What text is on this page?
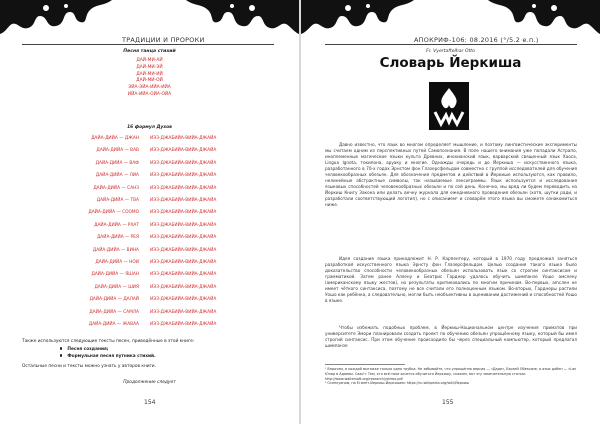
ТРАДИЦИИ И ПРОРОКИ
Песня танца стихий
ДАЙ-МИ-АЙ
ДАЙ-МИ-ЭЙ
ДАЙ-МИ-ИЙ
ДАЙ-МИ-ОЙ
ЭЙА-ЭЙА-ИЙА-ИЙА
ИЙА-ИЙА-ОЙА-ОЙА
16 формул Духов
ДАЙА-ДИЙА — ДЖАН	ИЭЗ-ДЖАБИЙА-ВИЙА-ДЖАЙА
ДАЙА-ДИЙА — ВАВ	ИЭЗ-ДЖАБИЙА-ВИЙА-ДЖАЙА
ДАЙА-ДИЙА — ВАФ	ИЭЗ-ДЖАБИЙА-ВИЙА-ДЖАЙА
ДАЙА-ДИЙА — ЛИА	ИЭЗ-ДЖАБИЙА-ВИЙА-ДЖАЙА
ДАЙА-ДИЙА — САНЗ	ИЭЗ-ДЖАБИЙА-ВИЙА-ДЖАЙА
ДАЙА-ДИЙА — ТВА	ИЭЗ-ДЖАБИЙА-ВИЙА-ДЖАЙА
ДАЙА-ДИЙА — СООМО	ИЭЗ-ДЖАБИЙА-ВИЙА-ДЖАЙА
ДАЙА-ДИЙА — РХАТ	ИЭЗ-ДЖАБИЙА-ВИЙА-ДЖАЙА
ДАЙА-ДИЙА — РЕЯ	ИЭЗ-ДЖАБИЙА-ВИЙА-ДЖАЙА
ДАЙА-ДИЙА — ВИНА	ИЭЗ-ДЖАБИЙА-ВИЙА-ДЖАЙА
ДАЙА-ДИЙА — НОИ	ИЭЗ-ДЖАБИЙА-ВИЙА-ДЖАЙА
ДАЙА-ДИЙА — ЯШАН	ИЭЗ-ДЖАБИЙА-ВИЙА-ДЖАЙА
ДАЙА-ДИЙА — ШИЯ	ИЭЗ-ДЖАБИЙА-ВИЙА-ДЖАЙА
ДАЙА-ДИЙА — ДАЛАЙ	ИЭЗ-ДЖАБИЙА-ВИЙА-ДЖАЙА
ДАЙА-ДИЙА — САМЛА	ИЭЗ-ДЖАБИЙА-ВИЙА-ДЖАЙА
ДАЙА-ДИЙА — ЖАВАА	ИЭЗ-ДЖАБИЙА-ВИЙА-ДЖАЙА
Также используются следующие тексты песен, приведённые в этой книге:
Песня создания;
Формульная песня путника стихий.
Остальные песни и тексты можно узнать у авторов книги.
Продолжение следует
154
АПОКРИФ-106: 08.2016 (°/5.2 е.п.)
Fr. Vyertaftelhar Otto
Словарь Йеркиша
Давно известно, что язык во многом определяет мышление, и поэтому лингвистические эксперименты мы считаем одним из перспективных путей Самопознания. В поле нашего внимания уже попадали Астрапо, иноплеменные магические языки культа Древних, инохианский язык, варварский священный язык Хаоса, Lingua Ignota, токипона, аруаку и многие. Однажды очередь и до Йеркиша — искусственного языка, разработанного в 70-х годах Эрнстом фон Глазерсфельдом совместно с группой исследователей для обучения человекообразных обезьян. Для обозначения предметов и действий в Йеркише используются, как правило, нелинейные абстрактные символы, так называемые лексиграммы. Язык используется и исследования языковых способностей человекообразных обезьян и по сей день. Конечно, мы вряд ли будем переводить на Йеркиш Книгу Закона или делать вечну журнала для ежедневного проведения обезьян (хотя, шутки ради, и разработали соответствующий логотип), но с описанием¹ и словарём этого языка вы сможете ознакомиться ниже.
Идея создания языка принадлежит Н. Р. Карпентеру, который в 1970 году предложил заняться разработкой искусственного языка Эрнсту фон Глазерсфельдом. Целью создания такого языка было доказательство способности человекообразных обезьян использовать язык со строгим синтаксисом и грамматикой. Затем ранее Аллену и Беатрис Гарднер удалось обучить шимпанзе Уошо амслену (американскому языку жестов), но результаты критиковались по многим причинам. Во-первых, amслен не имеет чёткого синтаксиса, поэтому не все считали его полноценным языком. Во-вторых, Гарднеры растили Уошо как ребёнка, а следовательно, могли быть необъективны в оценивании достижений и способностей Уошо в языке.
Чтобы избежать подобных проблем, в Йеркиш-Национальном центре изучения приматов при университете Эмори планировали создать проект по обучению обезьян упрощённому языку, который бы имел строгий синтаксис. При этом обучение происходило бы через специальный компьютер, который предлагал шимпанзе
¹ Впрочем, в каждой вытяжке только одна трубка. Не забывайте, что упрощённа версия — «Даде», Бэрзей Обезьяне, а язык добен — «Lan Юнор в Адаевы. Саас!» Тем, кто всё-таки хочется обучиться Йеркишу, скажем, вот эту замечательную статью: http://www.waltersoft.org/research/yerkes.pdf
² Осенкуаном, на Египет-Йеркиш-Йеркишем: https://ru.wikipedia.org/wiki/Йеркиш
155
